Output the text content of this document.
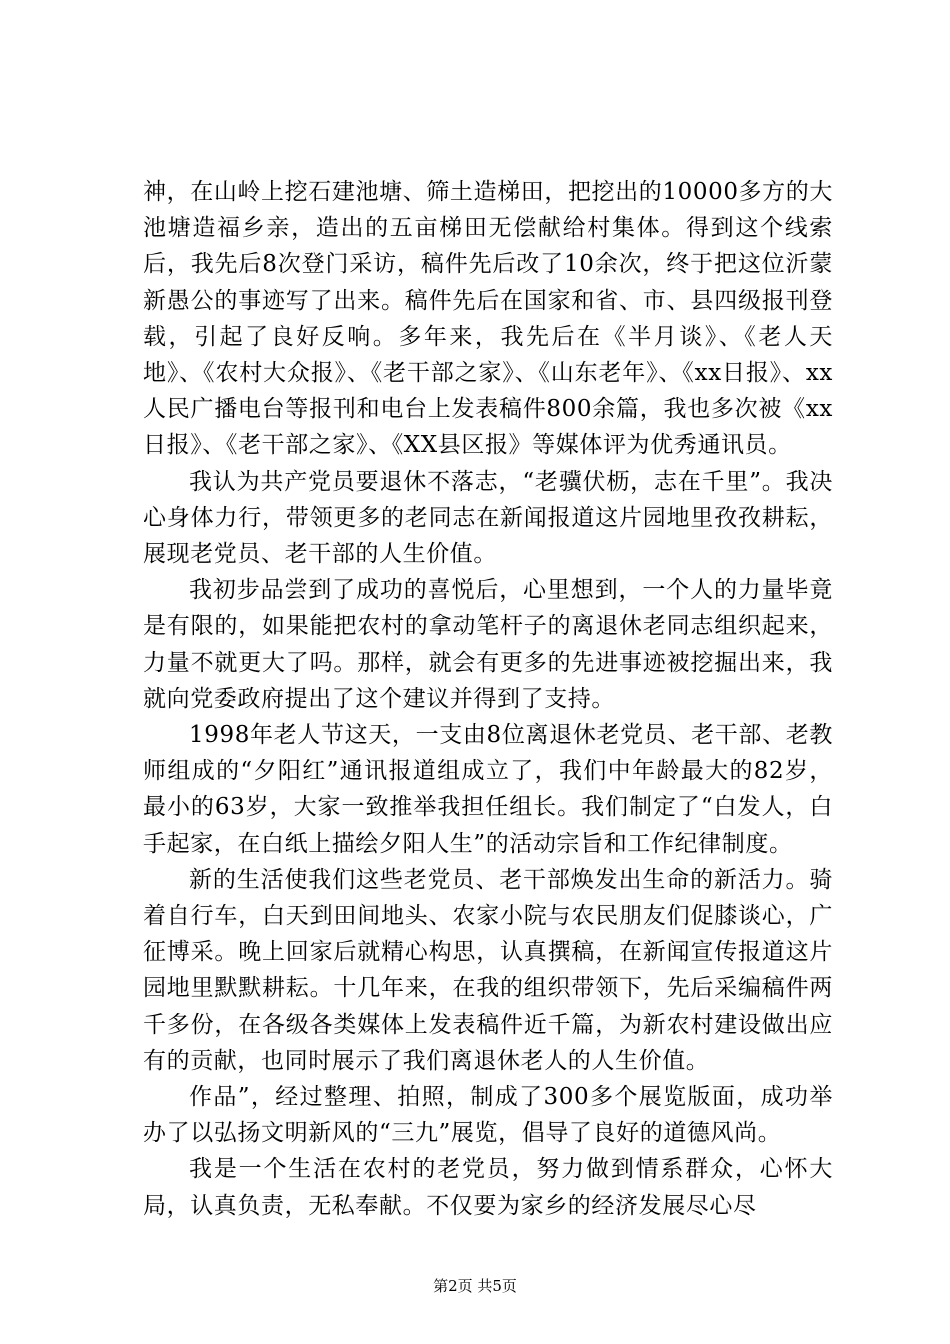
神，在山岭上挖石建池塘、筛土造梯田，把挖出的10000多方的大池塘造福乡亲，造出的五亩梯田无偿献给村集体。得到这个线索后，我先后8次登门采访，稿件先后改了10余次，终于把这位沂蒙新愚公的事迹写了出来。稿件先后在国家和省、市、县四级报刊登载，引起了良好反响。多年来，我先后在《半月谈》、《老人天地》、《农村大众报》、《老干部之家》、《山东老年》、《xx日报》、xx人民广播电台等报刊和电台上发表稿件800余篇，我也多次被《xx日报》、《老干部之家》、《XX县区报》等媒体评为优秀通讯员。

我认为共产党员要退休不落志，“老骥伏枥，志在千里”。我决心身体力行，带领更多的老同志在新闻报道这片园地里孜孜耕耘，展现老党员、老干部的人生价值。

我初步品尝到了成功的喜悦后，心里想到，一个人的力量毕竟是有限的，如果能把农村的拿动笔杆子的离退休老同志组织起来，力量不就更大了吗。那样，就会有更多的先进事迹被挖掘出来，我就向党委政府提出了这个建议并得到了支持。

1998年老人节这天，一支由8位离退休老党员、老干部、老教师组成的“夕阳红”通讯报道组成立了，我们中年龄最大的82岁，最小的63岁，大家一致推举我担任组长。我们制定了“白发人，白手起家，在白纸上描绘夕阳人生”的活动宗旨和工作纪律制度。

新的生活使我们这些老党员、老干部焕发出生命的新活力。骑着自行车，白天到田间地头、农家小院与农民朋友们促膝谈心，广征博采。晚上回家后就精心构思，认真撰稿，在新闻宣传报道这片园地里默默耕耘。十几年来，在我的组织带领下，先后采编稿件两千多份，在各级各类媒体上发表稿件近千篇，为新农村建设做出应有的贡献，也同时展示了我们离退休老人的人生价值。

作品”，经过整理、拍照，制成了300多个展览版面，成功举办了以弘扬文明新风的“三九”展览，倡导了良好的道德风尚。

我是一个生活在农村的老党员，努力做到情系群众，心怀大局，认真负责，无私奉献。不仅要为家乡的经济发展尽心尽

第2页 共5页
